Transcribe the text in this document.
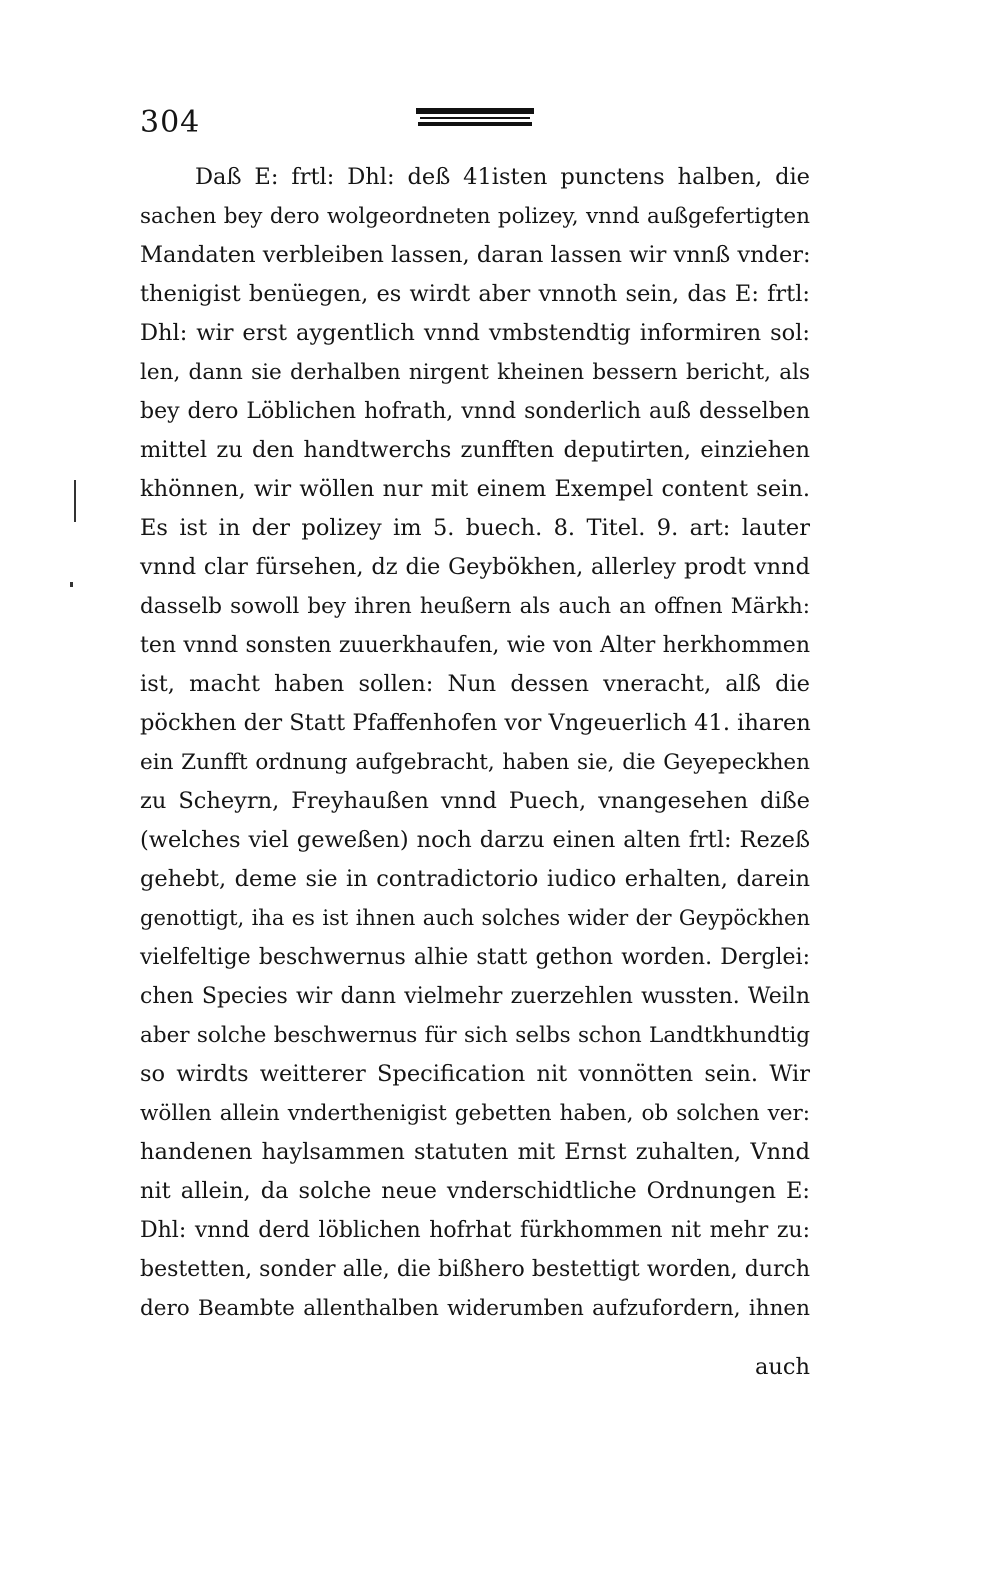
304
Daß E: frtl: Dhl: deß 41isten punctens halben, die
sachen bey dero wolgeordneten polizey, vnnd außgefertigten
Mandaten verbleiben lassen, daran lassen wir vnnß vnder:
thenigist benüegen, es wirdt aber vnnoth sein, das E: frtl:
Dhl: wir erst aygentlich vnnd vmbstendtig informiren sol:
len, dann sie derhalben nirgent kheinen bessern bericht, als
bey dero Löblichen hofrath, vnnd sonderlich auß desselben
mittel zu den handtwerchs zunfften deputirten, einziehen
khönnen, wir wöllen nur mit einem Exempel content sein.
Es ist in der polizey im 5. buech. 8. Titel. 9. art: lauter
vnnd clar fürsehen, dz die Geybökhen, allerley prodt vnnd
dasselb sowoll bey ihren heußern als auch an offnen Märkh:
ten vnnd sonsten zuuerkhaufen, wie von Alter herkhommen
ist, macht haben sollen: Nun dessen vneracht, alß die
pöckhen der Statt Pfaffenhofen vor Vngeuerlich 41. iharen
ein Zunfft ordnung aufgebracht, haben sie, die Geyepeckhen
zu Scheyrn, Freyhaußen vnnd Puech, vnangesehen diße
(welches viel geweßen) noch darzu einen alten frtl: Rezeß
gehebt, deme sie in contradictorio iudico erhalten, darein
genottigt, iha es ist ihnen auch solches wider der Geypöckhen
vielfeltige beschwernus alhie statt gethon worden. Derglei:
chen Species wir dann vielmehr zuerzehlen wussten. Weiln
aber solche beschwernus für sich selbs schon Landtkhundtig
so wirdts weitterer Specification nit vonnötten sein. Wir
wöllen allein vnderthenigist gebetten haben, ob solchen ver:
handenen haylsammen statuten mit Ernst zuhalten, Vnnd
nit allein, da solche neue vnderschidtliche Ordnungen E:
Dhl: vnnd derd löblichen hofrhat fürkhommen nit mehr zu:
bestetten, sonder alle, die bißhero bestettigt worden, durch
dero Beambte allenthalben widerumben aufzufordern, ihnen
auch
